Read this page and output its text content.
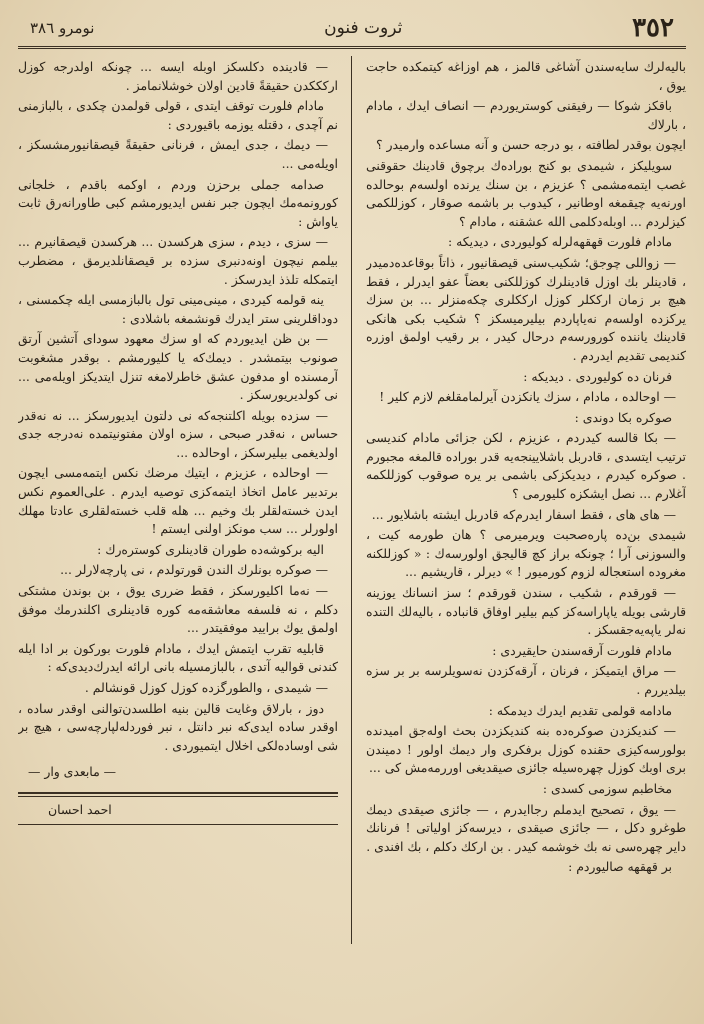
٣٥٢
ثروت فنون
نومرو ٣٨٦

بالیه‌لرك سایه‌سندن آشاغی قالمز ، هم اوزاغه كیتمكده حاجت یوق ،

باقكز شوكا — رفیقنی كوستریوردم — انصاف ایدك ، مادام ، بارلاك

ایچون بوقدر لطافته ، بو درجه حسن و آنه مساعده وارمیدر ؟

سویلیكز ، شیمدی بو كنج بوراده‌ك برچوق قادینك حقوقنی غصب ایتمه‌مشمی ؟ عزیزم ، بن سنك یرنده اولسه‌م بوحالده اورنه‌یه چیقمغه اوطانیر ، كیدوب بر باشمه صوقار ، كوزللكمی كیزلردم ... اوبله‌دكلمی الله عشقنه ، مادام ؟

مادام فلورت قهقهه‌لرله كولیوردی ، دیدیكه :

— زواللی چوجق‌؛ شكیب‌سنی قیصقانیور ، ذاتاً بوقاعده‌دمیدر ، قادینلر بك اوزل قادینلرك كوزللكنی بعضاً عفو ایدرلر ، فقط هیچ بر زمان ارككلر كوزل ارككلری چكه‌منزلر ... بن سزك یركزده اولسه‌م نه‌یاپاردم بیلیرمیسكز ؟ شكیب بكی هانكی قادینك یاننده كورورسه‌م درحال كیدر ، بر رقیب اولمق اوزره كندیمی تقدیم ایدردم .

فرنان ده كولیوردی . دیدیكه :

— اوحالده ، مادام ، سزك یانكزدن آیرلمامقلغم لازم كلیر !

صوكره بكا دوندی :

— بكا قالسه كیدردم ، عزیزم ، لكن جزائی مادام كندیسی ترتیب ایتسدی ، قادربل باشلایینجه‌یه قدر بوراده قالمغه مجبورم . صوكره كیدرم ، دیدیكزكی باشمی بر یره صوقوب كوزللكمه آغلارم ... نصل ایشكزه كلیورمی ؟

— های های ، فقط اسفار ایدرم‌كه قادربل ایشته باشلایور ...

شیمدی بن‌ده‌ پاره‌صحبت ویرمیرمی ؟ هان طورمه كیت ، والسوزنی آرا ؛ چونكه براز كچ قالیجق اولورسه‌ك : « كوزللكنه مغروده استعجاله لزوم كورمیور ! » دیرلر ، قاریشیم ...

— قورقدم ، شكیب ، سندن قورقدم ؛ سز انسانك یوزینه قارشی بویله یاپاراسه‌كز كیم بیلیر اوفاق قانباده ، بالیه‌لك التنده نه‌لر یاپه‌یه‌جقسكز .

مادام فلورت آرقه‌سندن حایقیردی :

— مراق ایتمیكز ، فرنان ، آرقه‌كزدن نه‌سویلرسه بر بر سزه بیلدیررم .

مادامه قولمی تقدیم ایدرك دیدمكه :

— كندیكزدن صوكره‌ده بنه كندیكزدن بحث اوله‌جق امیدنده بولورسه‌كیزی حقنده كوزل برفكری وار دیمك اولور ! دمیندن بری اوبك كوزل چهره‌سیله جائزی صیقدیغی اوررمه‌مش كی ...

مخاطبم سوزمی كسدی :

— یوق ، تصحیح ایدملم رجاایدرم ، — جائزی صیقدی دیمك طوغرو دكل ، — جائزی صیقدی ، دیرسه‌كز اولیاتی ! فرنانك دایر چهره‌سی نه بك خوشمه كیدر . بن اركك دكلم ، بك افندی .

بر قهقهه صالیوردم :

— قادینده دكلسكز اوبله ایسه ... چونكه اولدرجه كوزل اركككدن حقیقةً قادین اولان خوشلانمامز .

مادام فلورت توقف ایتدی ، قولی قولمدن چكدی ، بالبازمنی نم آچدی ، دقتله یوزمه باقیوردی :

— دیمك ، جدی ایمش ، فرنانی حقیقةً قیصقانیورمشسكز ، اویله‌می ...

صدامه جملی برحزن وردم ، اوكمه باقدم ، خلجانی كورونمه‌مك ایچون جبر نفس ایدیورمشم كبی طاورانه‌رق ثابت یاواش :

— سزی ، دیدم ، سزی هركسدن ... هركسدن قیصقانیرم ... بیلمم نیچون اونه‌دنبری سزده بر قیصقانلدیرمق ، مضطرب ایتمكله تلذذ ایدرسكز .

ینه قولمه كیردی ، مینی‌مینی تول بالبازمسی ایله چكمسنی ، دوداقلرینی ستر ایدرك قونشمغه باشلادی :

— بن ظن ایدیوردم كه او سزك معهود سودای آتشین آرتق صونوب بیتمشدر . دیمك‌كه یا كلیورمشم . بوقدر مشغوبت آرمسنده او مدفون عشق خاطرلامغه تنزل ایتدیكز اویله‌می ... نی كولدیریورسكز .

— سزده بویله اكلتنجه‌كه نی دلتون ایدیورسكز ... نه نه‌قدر حساس ، نه‌قدر صبحی ، سزه اولان مفتونیتمده نه‌درجه جدی اولدیغمی بیلیرسكز ، اوحالده ...

— اوحالده ، عزیزم ، ایتیك مرضك نكس ایتمه‌مسی ایچون برتدبیر عامل اتخاذ ایتمه‌كزی توصیه ایدرم . علی‌العموم نكس ایدن خسته‌لقلر بك وخیم ... هله قلب خسته‌لقلری عادتا مهلك اولورلر ... سب مونكز اولنی ایستم !

الیه بركوشه‌ده طوران قادینلری كوستره‌رك :

— صوكره بونلرك الندن قورتولدم ، نی پارچه‌لارلر ...

— نه‌ما اكلیورسكز ، فقط ضرری یوق ، بن بوندن مشتكی دكلم ، نه فلسفه معاشقه‌مه كوره قادینلری اكلندرمك موفق اولمق یوك برایید موفقیتدر ...

قابلیه تقرب ایتمش ایدك ، مادام فلورت بوركون بر ادا ایله كندنی قوالیه آتدی ، بالبازمسیله بانی ارائه ایدرك‌دیدی‌كه :

— شیمدی ، والطورگزده كوزل كوزل قونشالم .

دوز ، بارلاق وغایت قالین بنیه اطلسدن‌توالنی اوقدر ساده‌ ، اوقدر ساده ایدی‌كه نبر دانتل ، نبر فوردله‌لپارچه‌سی ، هیچ بر شی اوساده‌لكی اخلال ایتمیوردی .

— مابعدی وار —
احمد احسان
